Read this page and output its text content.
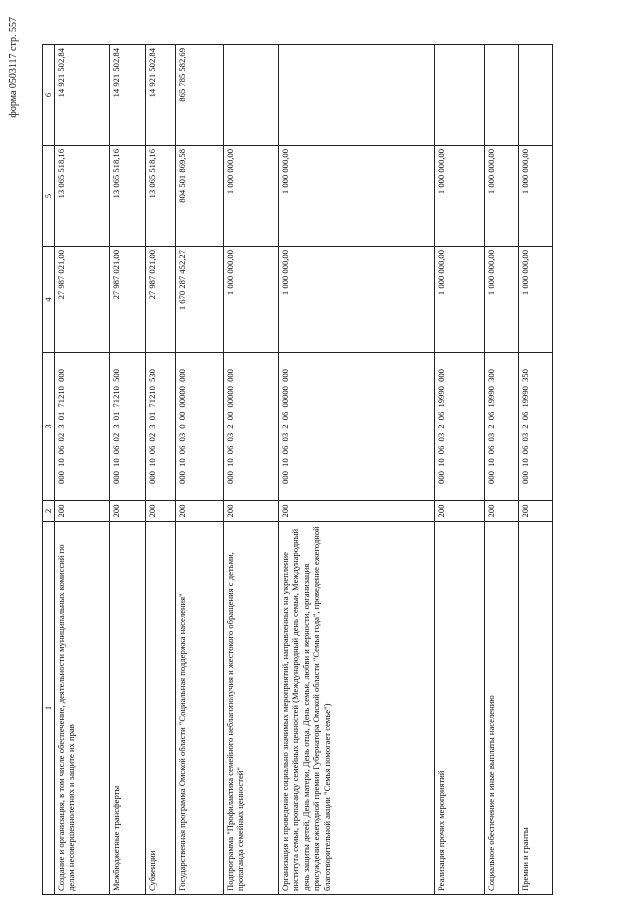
форма 0503117 стр. 557
1	2	3	4	5	6
Создание и организация, в том числе обеспечение, деятельности муниципальных комиссий по делам несовершеннолетних и защите их прав	200	000 10 06 02 3 01 71210 000	27 987 021,00	13 065 518,16	14 921 502,84
Межбюджетные трансферты	200	000 10 06 02 3 01 71210 500	27 987 021,00	13 065 518,16	14 921 502,84
Субвенции	200	000 10 06 02 3 01 71210 530	27 987 021,00	13 065 518,16	14 921 502,84
Государственная программа Омской области "Социальная поддержка населения"	200	000 10 06 03 0 00 00000 000	1 670 287 452,27	804 501 869,58	865 785 582,69
Подпрограмма "Профилактика семейного неблагополучия и жестокого обращения с детьми, пропаганда семейных ценностей"	200	000 10 06 03 2 00 00000 000	1 000 000,00	1 000 000,00	
Организация и проведение социально значимых мероприятий, направленных на укрепление института семьи, пропаганду семейных ценностей (Международный день семьи, Международный день защиты детей, День матери, День отца, День семьи, любви и верности, организация присуждения ежегодной премии Губернатора Омской области "Семья года", проведение ежегодной благотворительной акции "Семья помогает семье")	200	000 10 06 03 2 06 00000 000	1 000 000,00	1 000 000,00	
Реализация прочих мероприятий	200	000 10 06 03 2 06 19990 000	1 000 000,00	1 000 000,00	
Социальное обеспечение и иные выплаты населению	200	000 10 06 03 2 06 19990 300	1 000 000,00	1 000 000,00	
Премии и гранты	200	000 10 06 03 2 06 19990 350	1 000 000,00	1 000 000,00	
